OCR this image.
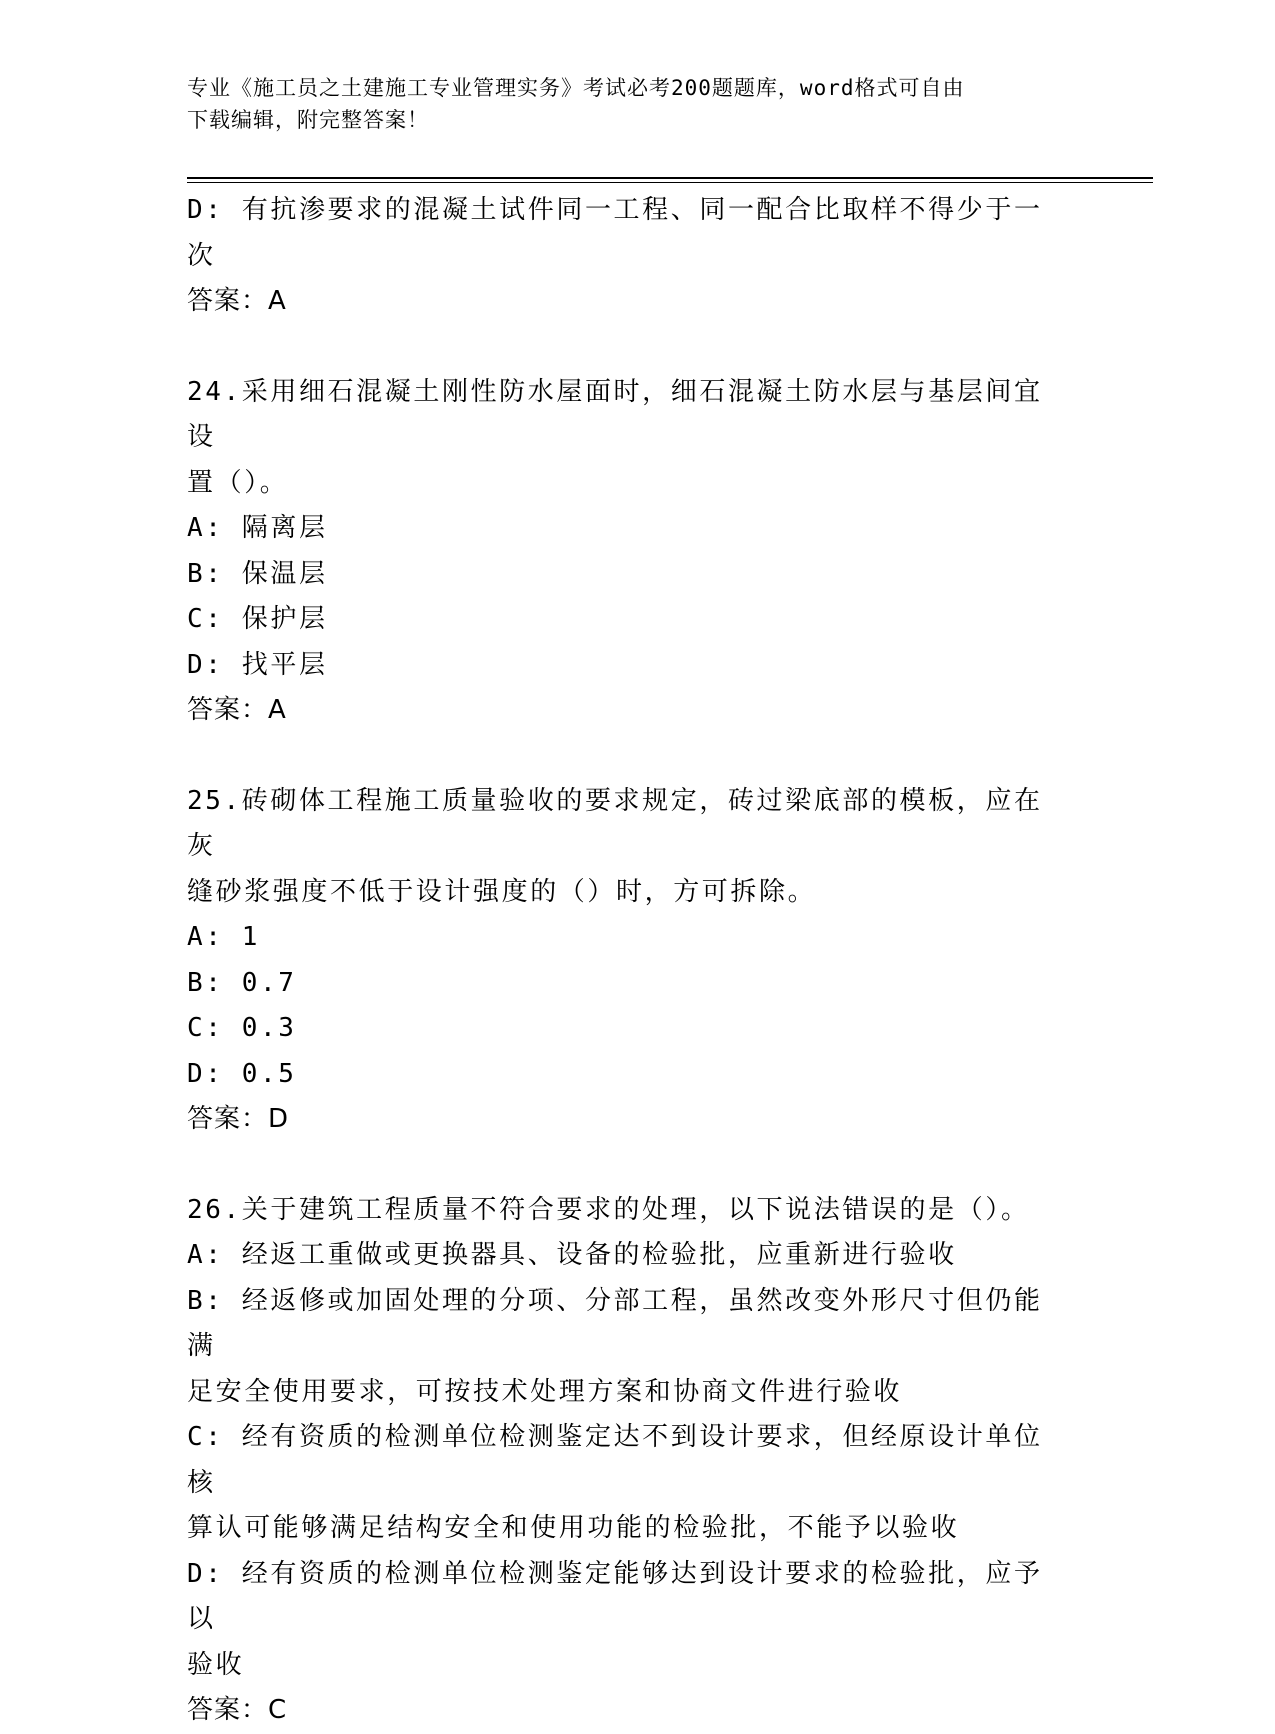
专业《施工员之土建施工专业管理实务》考试必考200题题库，word格式可自由
下载编辑，附完整答案！
D: 有抗渗要求的混凝土试件同一工程、同一配合比取样不得少于一次
答案：A
24.采用细石混凝土刚性防水屋面时，细石混凝土防水层与基层间宜设
置（）。
A: 隔离层
B: 保温层
C: 保护层
D: 找平层
答案：A
25.砖砌体工程施工质量验收的要求规定，砖过梁底部的模板，应在灰
缝砂浆强度不低于设计强度的（）时，方可拆除。
A: 1
B: 0.7
C: 0.3
D: 0.5
答案：D
26.关于建筑工程质量不符合要求的处理，以下说法错误的是（）。
A: 经返工重做或更换器具、设备的检验批，应重新进行验收
B: 经返修或加固处理的分项、分部工程，虽然改变外形尺寸但仍能满
足安全使用要求，可按技术处理方案和协商文件进行验收
C: 经有资质的检测单位检测鉴定达不到设计要求，但经原设计单位核
算认可能够满足结构安全和使用功能的检验批，不能予以验收
D: 经有资质的检测单位检测鉴定能够达到设计要求的检验批，应予以
验收
答案：C
